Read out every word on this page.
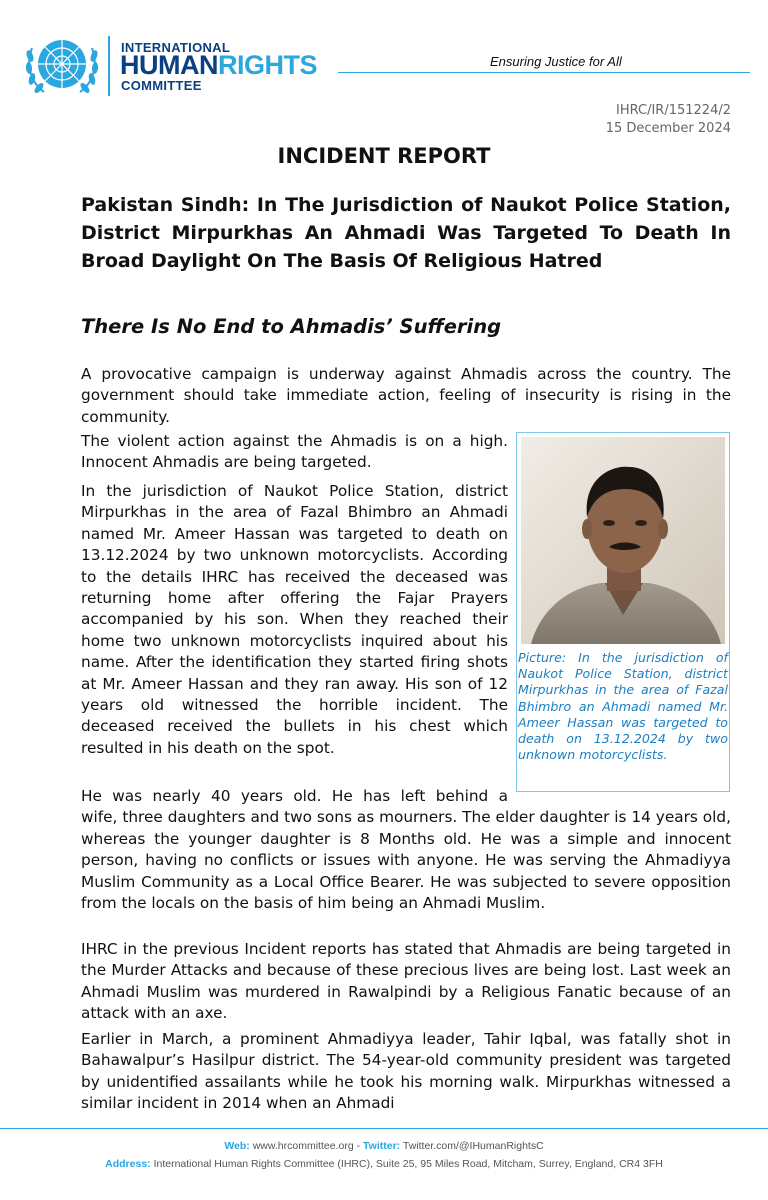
INTERNATIONAL
HUMANRIGHTS
COMMITTEE
Ensuring Justice for All
IHRC/IR/151224/2
15 December 2024
INCIDENT REPORT
Pakistan Sindh: In The Jurisdiction of Naukot Police Station, District Mirpurkhas An Ahmadi Was Targeted To Death In Broad Daylight On The Basis Of Religious Hatred
There Is No End to Ahmadis’ Suffering

A provocative campaign is underway against Ahmadis across the country. The government should take immediate action, feeling of insecurity is rising in the community.

The violent action against the Ahmadis is on a high. Innocent Ahmadis are being targeted.

In the jurisdiction of Naukot Police Station, district Mirpurkhas in the area of Fazal Bhimbro an Ahmadi named Mr. Ameer Hassan was targeted to death on 13.12.2024 by two unknown motorcyclists. According to the details IHRC has received the deceased was returning home after offering the Fajar Prayers accompanied by his son. When they reached their home two unknown motorcyclists inquired about his name. After the identification they started firing shots at Mr. Ameer Hassan and they ran away. His son of 12 years old witnessed the horrible incident. The deceased received the bullets in his chest which resulted in his death on the spot.

He was nearly 40 years old. He has left behind a
wife, three daughters and two sons as mourners. The elder daughter is 14 years old, whereas the younger daughter is 8 Months old. He was a simple and innocent person, having no conflicts or issues with anyone. He was serving the Ahmadiyya Muslim Community as a Local Office Bearer. He was subjected to severe opposition from the locals on the basis of him being an Ahmadi Muslim.

IHRC in the previous Incident reports has stated that Ahmadis are being targeted in the Murder Attacks and because of these precious lives are being lost. Last week an Ahmadi Muslim was murdered in Rawalpindi by a Religious Fanatic because of an attack with an axe.

Earlier in March, a prominent Ahmadiyya leader, Tahir Iqbal, was fatally shot in Bahawalpur’s Hasilpur district. The 54-year-old community president was targeted by unidentified assailants while he took his morning walk. Mirpurkhas witnessed a similar incident in 2014 when an Ahmadi

Picture: In the jurisdiction of Naukot Police Station, district Mirpurkhas in the area of Fazal Bhimbro an Ahmadi named Mr. Ameer Hassan was targeted to death on 13.12.2024 by two unknown motorcyclists.

Web: www.hrcommittee.org - Twitter: Twitter.com/@IHumanRightsC
Address: International Human Rights Committee (IHRC), Suite 25, 95 Miles Road, Mitcham, Surrey, England, CR4 3FH
